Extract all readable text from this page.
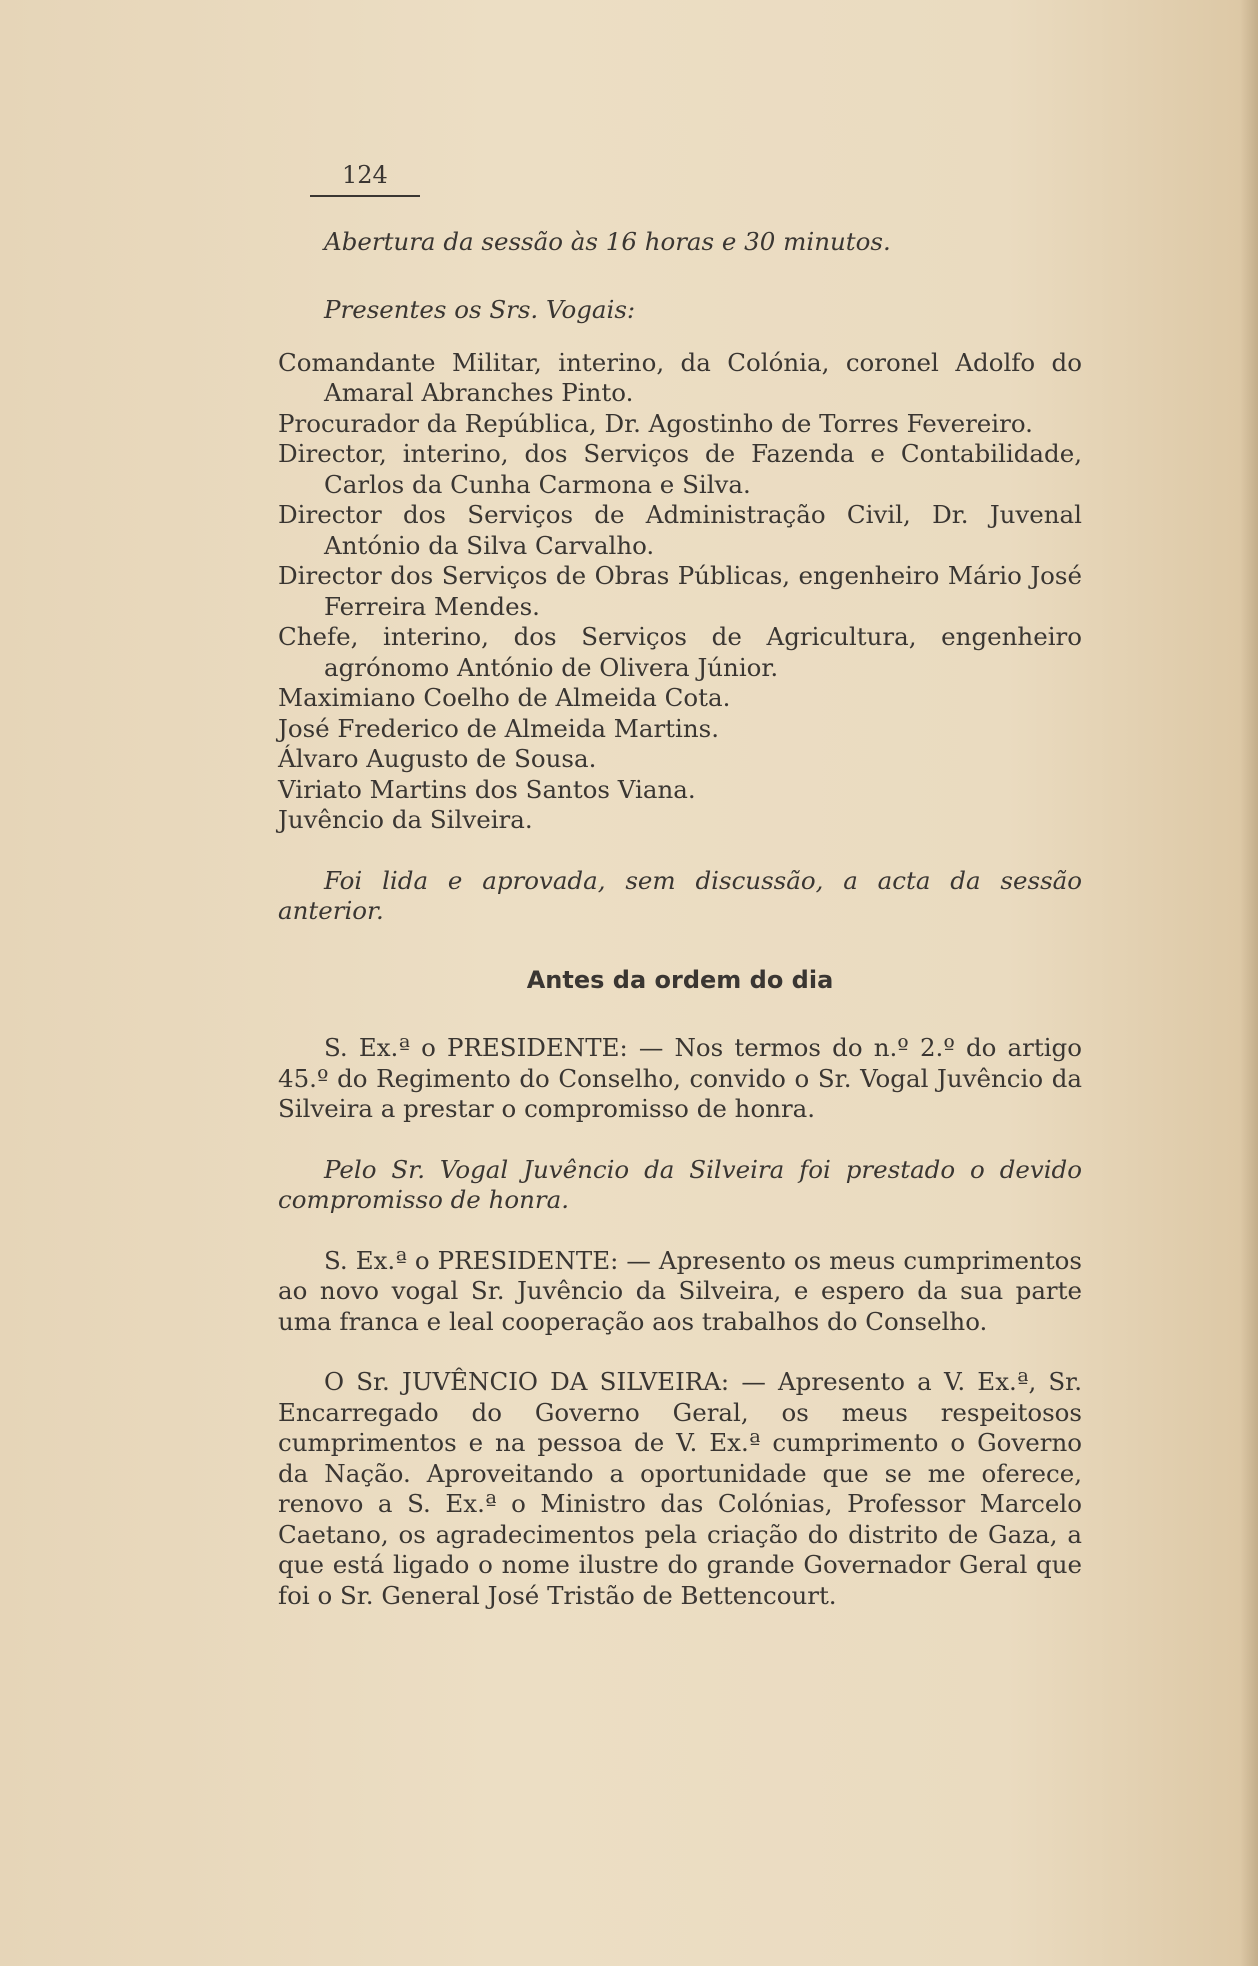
124

Abertura da sessão às 16 horas e 30 minutos.

Presentes os Srs. Vogais:

Comandante Militar, interino, da Colónia, coronel Adolfo do Amaral Abranches Pinto.

Procurador da República, Dr. Agostinho de Torres Fevereiro.

Director, interino, dos Serviços de Fazenda e Contabilidade, Carlos da Cunha Carmona e Silva.

Director dos Serviços de Administração Civil, Dr. Juvenal António da Silva Carvalho.

Director dos Serviços de Obras Públicas, engenheiro Mário José Ferreira Mendes.

Chefe, interino, dos Serviços de Agricultura, engenheiro agrónomo António de Olivera Júnior.

Maximiano Coelho de Almeida Cota.

José Frederico de Almeida Martins.

Álvaro Augusto de Sousa.

Viriato Martins dos Santos Viana.

Juvêncio da Silveira.

Foi lida e aprovada, sem discussão, a acta da sessão anterior.

Antes da ordem do dia

S. Ex.ª o PRESIDENTE: — Nos termos do n.º 2.º do artigo 45.º do Regimento do Conselho, convido o Sr. Vogal Juvêncio da Silveira a prestar o compromisso de honra.

Pelo Sr. Vogal Juvêncio da Silveira foi prestado o devido compromisso de honra.

S. Ex.ª o PRESIDENTE: — Apresento os meus cumprimentos ao novo vogal Sr. Juvêncio da Silveira, e espero da sua parte uma franca e leal cooperação aos trabalhos do Conselho.

O Sr. JUVÊNCIO DA SILVEIRA: — Apresento a V. Ex.ª, Sr. Encarregado do Governo Geral, os meus respeitosos cumprimentos e na pessoa de V. Ex.ª cumprimento o Governo da Nação. Aproveitando a oportunidade que se me oferece, renovo a S. Ex.ª o Ministro das Colónias, Professor Marcelo Caetano, os agradecimentos pela criação do distrito de Gaza, a que está ligado o nome ilustre do grande Governador Geral que foi o Sr. General José Tristão de Bettencourt.
